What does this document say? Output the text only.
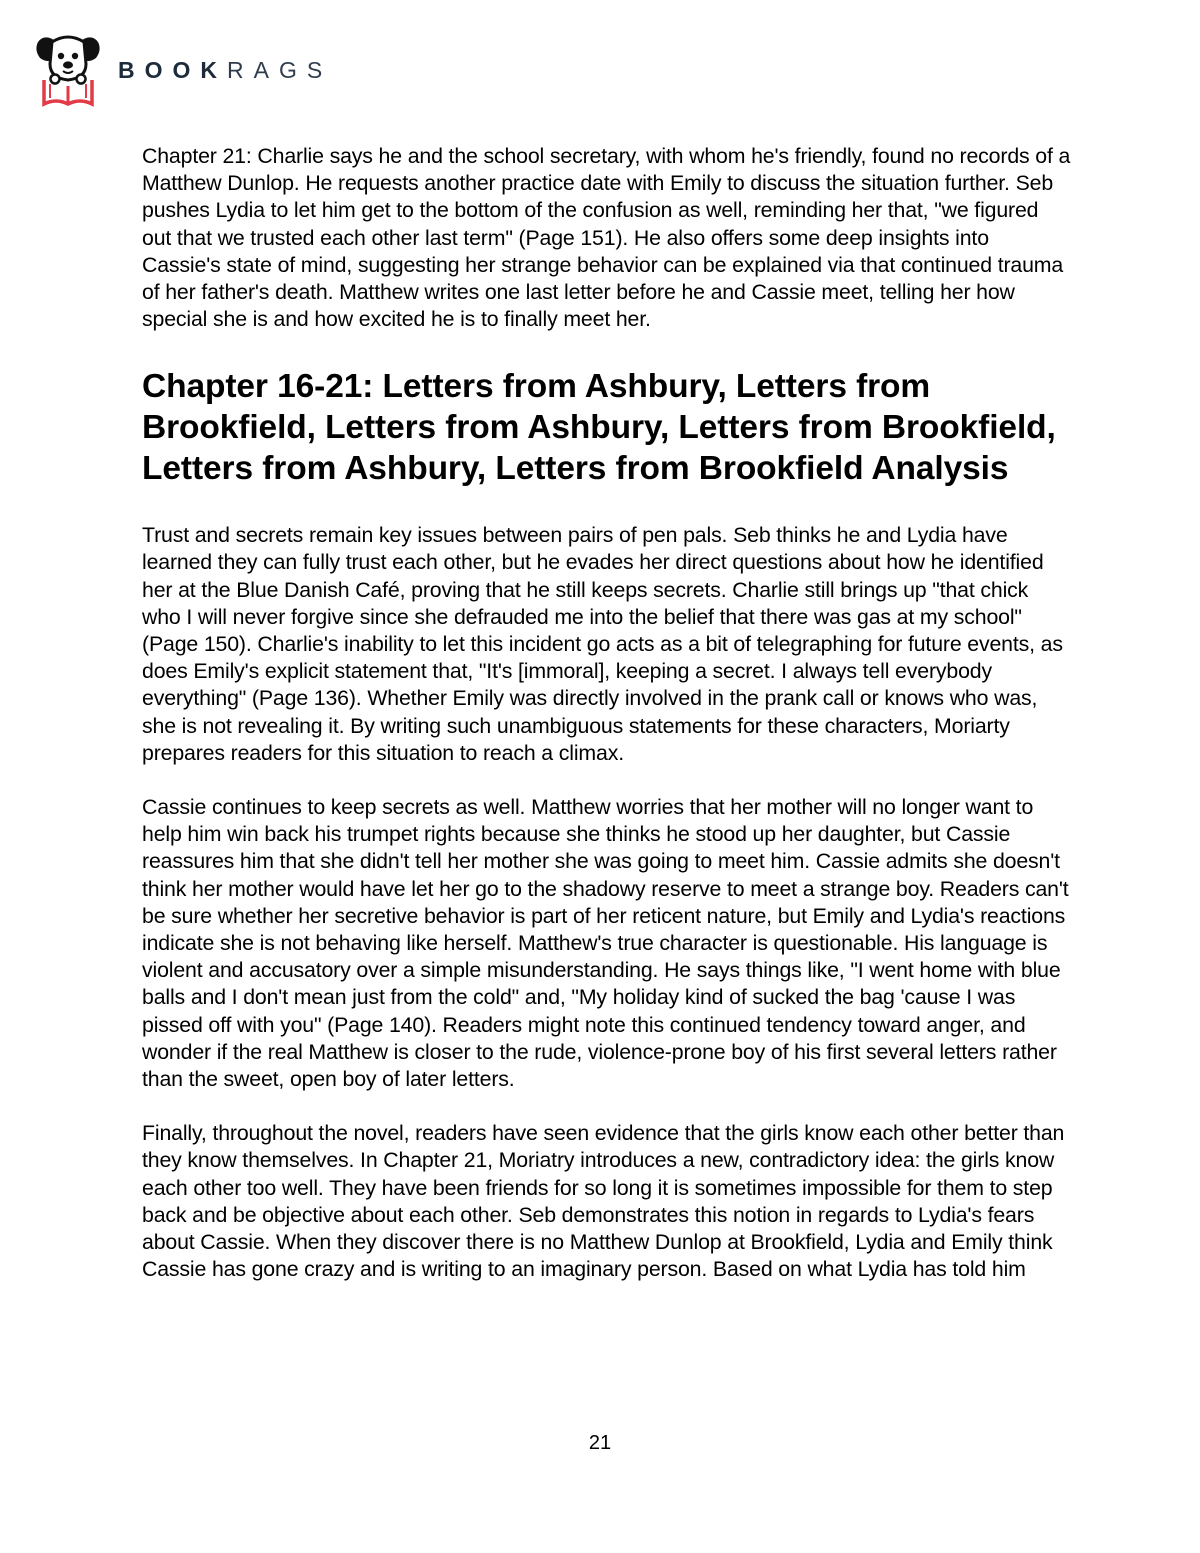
BOOKRAGS

Chapter 21: Charlie says he and the school secretary, with whom he's friendly, found no records of a Matthew Dunlop. He requests another practice date with Emily to discuss the situation further. Seb pushes Lydia to let him get to the bottom of the confusion as well, reminding her that, "we figured out that we trusted each other last term" (Page 151). He also offers some deep insights into Cassie's state of mind, suggesting her strange behavior can be explained via that continued trauma of her father's death. Matthew writes one last letter before he and Cassie meet, telling her how special she is and how excited he is to finally meet her.

Chapter 16-21: Letters from Ashbury, Letters from Brookfield, Letters from Ashbury, Letters from Brookfield, Letters from Ashbury, Letters from Brookfield Analysis

Trust and secrets remain key issues between pairs of pen pals. Seb thinks he and Lydia have learned they can fully trust each other, but he evades her direct questions about how he identified her at the Blue Danish Café, proving that he still keeps secrets. Charlie still brings up "that chick who I will never forgive since she defrauded me into the belief that there was gas at my school" (Page 150). Charlie's inability to let this incident go acts as a bit of telegraphing for future events, as does Emily's explicit statement that, "It's [immoral], keeping a secret. I always tell everybody everything" (Page 136). Whether Emily was directly involved in the prank call or knows who was, she is not revealing it. By writing such unambiguous statements for these characters, Moriarty prepares readers for this situation to reach a climax.

Cassie continues to keep secrets as well. Matthew worries that her mother will no longer want to help him win back his trumpet rights because she thinks he stood up her daughter, but Cassie reassures him that she didn't tell her mother she was going to meet him. Cassie admits she doesn't think her mother would have let her go to the shadowy reserve to meet a strange boy. Readers can't be sure whether her secretive behavior is part of her reticent nature, but Emily and Lydia's reactions indicate she is not behaving like herself. Matthew's true character is questionable. His language is violent and accusatory over a simple misunderstanding. He says things like, "I went home with blue balls and I don't mean just from the cold" and, "My holiday kind of sucked the bag 'cause I was pissed off with you" (Page 140). Readers might note this continued tendency toward anger, and wonder if the real Matthew is closer to the rude, violence-prone boy of his first several letters rather than the sweet, open boy of later letters.

Finally, throughout the novel, readers have seen evidence that the girls know each other better than they know themselves. In Chapter 21, Moriatry introduces a new, contradictory idea: the girls know each other too well. They have been friends for so long it is sometimes impossible for them to step back and be objective about each other. Seb demonstrates this notion in regards to Lydia's fears about Cassie. When they discover there is no Matthew Dunlop at Brookfield, Lydia and Emily think Cassie has gone crazy and is writing to an imaginary person. Based on what Lydia has told him

21
